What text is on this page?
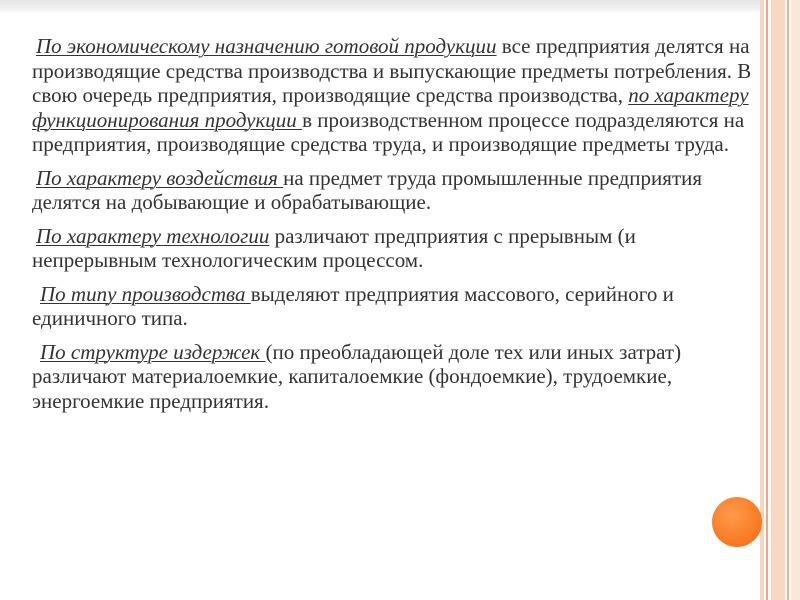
По экономическому назначению готовой продукции все предприятия делятся на производящие средства производства и выпускающие предметы потребления. В свою очередь предприятия, производящие средства производства, по характеру функционирования продукции в производственном процессе подразделяются на предприятия, производящие средства труда, и производящие предметы труда.

По характеру воздействия на предмет труда промышленные предприятия делятся на добывающие и обрабатывающие.

По характеру технологии различают предприятия с прерывным (и непрерывным технологическим процессом.

По типу производства выделяют предприятия массового, серийного и единичного типа.

По структуре издержек (по преобладающей доле тех или иных затрат) различают материалоемкие, капиталоемкие (фондоемкие), трудоемкие, энергоемкие предприятия.
